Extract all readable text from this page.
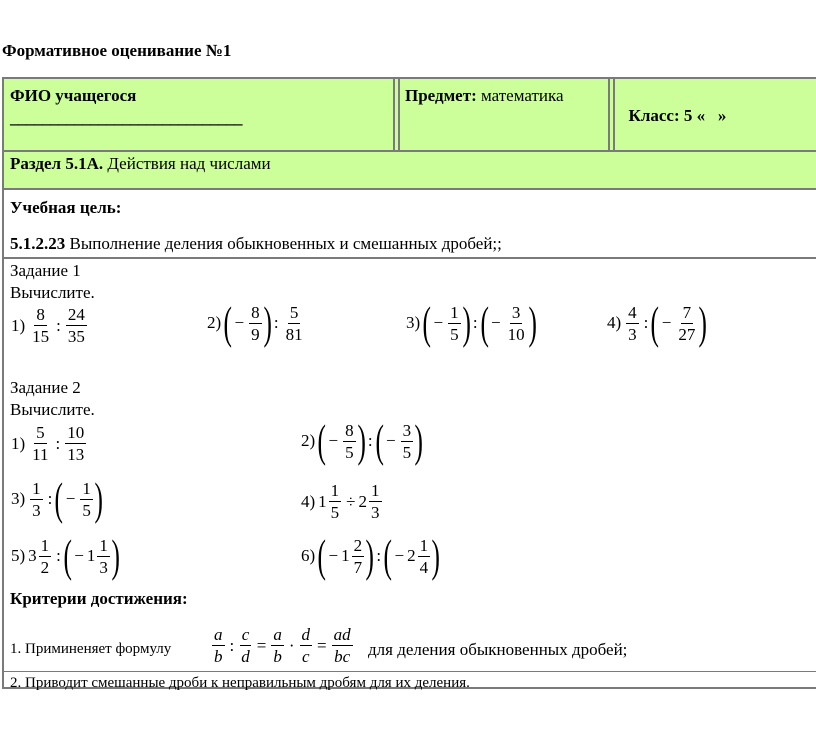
Формативное оценивание №1
ФИО учащегося
_____________________________
Предмет: математика

Класс: 5 «   »

Раздел 5.1А. Действия над числами
Учебная цель:
5.1.2.23 Выполнение деления обыкновенных и смешанных дробей;;
Задание 1
Вычислите.
$1) \frac{8}{15}$ : $\frac{24}{35}$	$2)( - \frac{8}{9}$ ) : $\frac{5}{81}$	$3)( - \frac{1}{5}$ ) :( − $\frac{3}{10}$ )	$4) \frac{4}{3}$ :( − $\frac{7}{27}$ )
Задание 2
Вычислите.
$1) \frac{5}{11}$ : $\frac{10}{13}$	$2)( - \frac{8}{5}$ ) :( − $\frac{3}{5}$ )
$3) \frac{1}{3}$ :( − $\frac{1}{5}$ )	4) $1 \frac{1}{5} \div 2 \frac{1}{3}$
5) $3 \frac{1}{2}$ :( − $1 \frac{1}{3}$ )	$6)( - 1 \frac{2}{7}$ ) :( − $2 \frac{1}{4}$ )
Критерии достижения:
1. Приминеняет формулу $\frac{a}{b}$ : $\frac{c}{d} = \frac{a}{b} \cdot \frac{d}{c} = \frac{ad}{bc}$ для деления обыкновенных дробей;
2. Приводит смешанные дроби к неправильным дробям для их деления.
